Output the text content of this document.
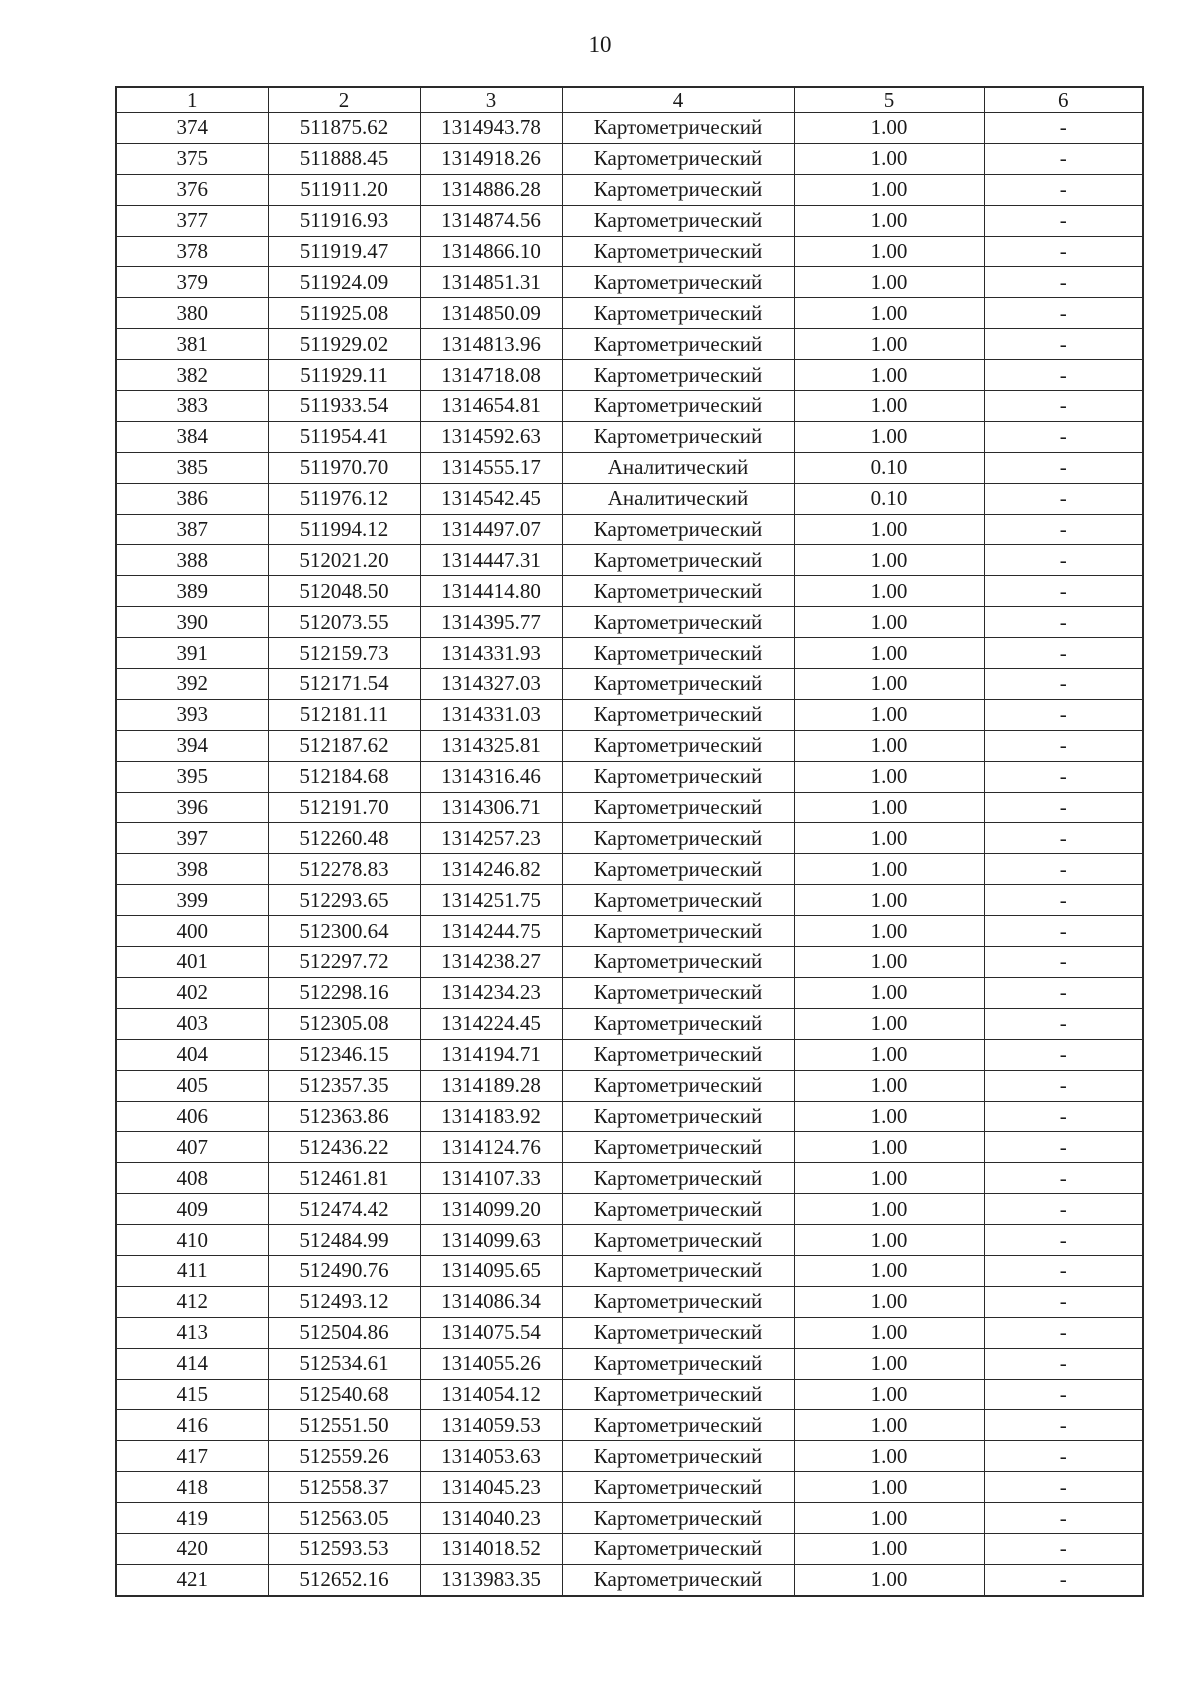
10
1	2	3	4	5	6
374	511875.62	1314943.78	Картометрический	1.00	-
375	511888.45	1314918.26	Картометрический	1.00	-
376	511911.20	1314886.28	Картометрический	1.00	-
377	511916.93	1314874.56	Картометрический	1.00	-
378	511919.47	1314866.10	Картометрический	1.00	-
379	511924.09	1314851.31	Картометрический	1.00	-
380	511925.08	1314850.09	Картометрический	1.00	-
381	511929.02	1314813.96	Картометрический	1.00	-
382	511929.11	1314718.08	Картометрический	1.00	-
383	511933.54	1314654.81	Картометрический	1.00	-
384	511954.41	1314592.63	Картометрический	1.00	-
385	511970.70	1314555.17	Аналитический	0.10	-
386	511976.12	1314542.45	Аналитический	0.10	-
387	511994.12	1314497.07	Картометрический	1.00	-
388	512021.20	1314447.31	Картометрический	1.00	-
389	512048.50	1314414.80	Картометрический	1.00	-
390	512073.55	1314395.77	Картометрический	1.00	-
391	512159.73	1314331.93	Картометрический	1.00	-
392	512171.54	1314327.03	Картометрический	1.00	-
393	512181.11	1314331.03	Картометрический	1.00	-
394	512187.62	1314325.81	Картометрический	1.00	-
395	512184.68	1314316.46	Картометрический	1.00	-
396	512191.70	1314306.71	Картометрический	1.00	-
397	512260.48	1314257.23	Картометрический	1.00	-
398	512278.83	1314246.82	Картометрический	1.00	-
399	512293.65	1314251.75	Картометрический	1.00	-
400	512300.64	1314244.75	Картометрический	1.00	-
401	512297.72	1314238.27	Картометрический	1.00	-
402	512298.16	1314234.23	Картометрический	1.00	-
403	512305.08	1314224.45	Картометрический	1.00	-
404	512346.15	1314194.71	Картометрический	1.00	-
405	512357.35	1314189.28	Картометрический	1.00	-
406	512363.86	1314183.92	Картометрический	1.00	-
407	512436.22	1314124.76	Картометрический	1.00	-
408	512461.81	1314107.33	Картометрический	1.00	-
409	512474.42	1314099.20	Картометрический	1.00	-
410	512484.99	1314099.63	Картометрический	1.00	-
411	512490.76	1314095.65	Картометрический	1.00	-
412	512493.12	1314086.34	Картометрический	1.00	-
413	512504.86	1314075.54	Картометрический	1.00	-
414	512534.61	1314055.26	Картометрический	1.00	-
415	512540.68	1314054.12	Картометрический	1.00	-
416	512551.50	1314059.53	Картометрический	1.00	-
417	512559.26	1314053.63	Картометрический	1.00	-
418	512558.37	1314045.23	Картометрический	1.00	-
419	512563.05	1314040.23	Картометрический	1.00	-
420	512593.53	1314018.52	Картометрический	1.00	-
421	512652.16	1313983.35	Картометрический	1.00	-
